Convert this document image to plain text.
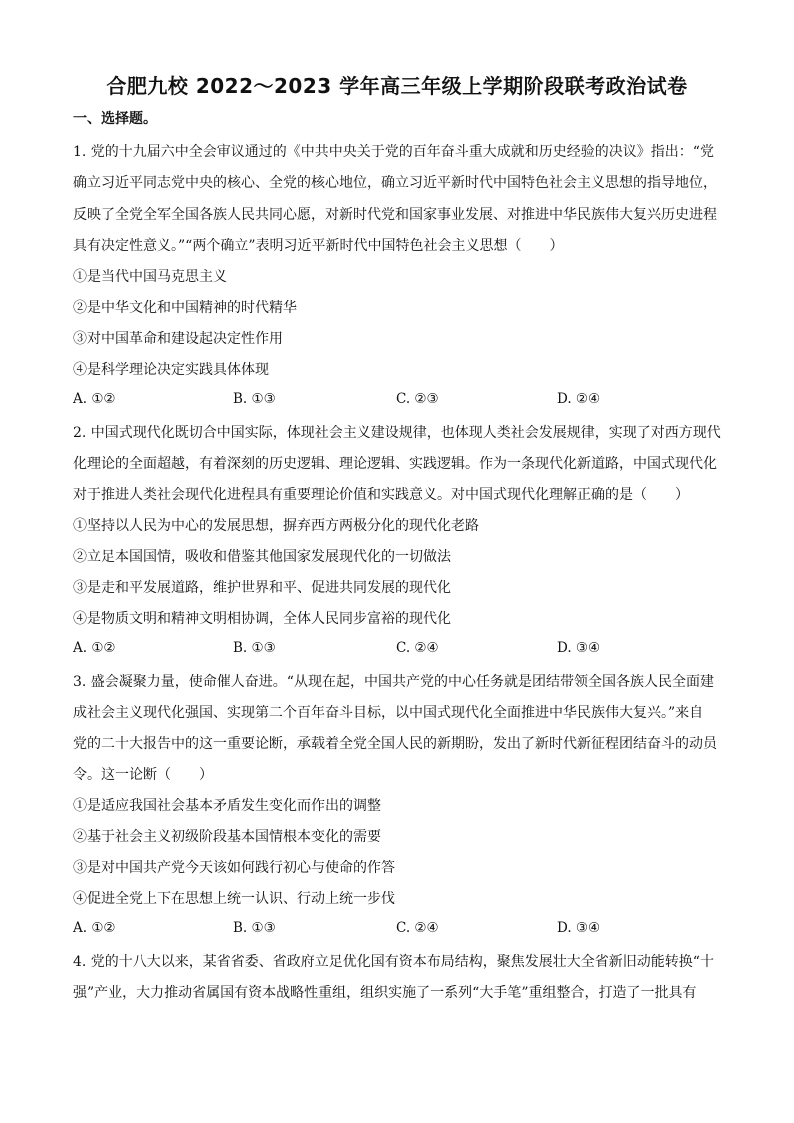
合肥九校 2022～2023 学年高三年级上学期阶段联考政治试卷
一、选择题。
1. 党的十九届六中全会审议通过的《中共中央关于党的百年奋斗重大成就和历史经验的决议》指出：“党
确立习近平同志党中央的核心、全党的核心地位，确立习近平新时代中国特色社会主义思想的指导地位，
反映了全党全军全国各族人民共同心愿，对新时代党和国家事业发展、对推进中华民族伟大复兴历史进程
具有决定性意义。”“两个确立”表明习近平新时代中国特色社会主义思想（　　）
①是当代中国马克思主义
②是中华文化和中国精神的时代精华
③对中国革命和建设起决定性作用
④是科学理论决定实践具体体现
A. ①②	B. ①③	C. ②③	D. ②④
2. 中国式现代化既切合中国实际，体现社会主义建设规律，也体现人类社会发展规律，实现了对西方现代
化理论的全面超越，有着深刻的历史逻辑、理论逻辑、实践逻辑。作为一条现代化新道路，中国式现代化
对于推进人类社会现代化进程具有重要理论价值和实践意义。对中国式现代化理解正确的是（　　）
①坚持以人民为中心的发展思想，摒弃西方两极分化的现代化老路
②立足本国国情，吸收和借鉴其他国家发展现代化的一切做法
③是走和平发展道路，维护世界和平、促进共同发展的现代化
④是物质文明和精神文明相协调，全体人民同步富裕的现代化
A. ①②	B. ①③	C. ②④	D. ③④
3. 盛会凝聚力量，使命催人奋进。“从现在起，中国共产党的中心任务就是团结带领全国各族人民全面建
成社会主义现代化强国、实现第二个百年奋斗目标，以中国式现代化全面推进中华民族伟大复兴。”来自
党的二十大报告中的这一重要论断，承载着全党全国人民的新期盼，发出了新时代新征程团结奋斗的动员
令。这一论断（　　）
①是适应我国社会基本矛盾发生变化而作出的调整
②基于社会主义初级阶段基本国情根本变化的需要
③是对中国共产党今天该如何践行初心与使命的作答
④促进全党上下在思想上统一认识、行动上统一步伐
A. ①②	B. ①③	C. ②④	D. ③④
4. 党的十八大以来，某省省委、省政府立足优化国有资本布局结构，聚焦发展壮大全省新旧动能转换“十
强”产业，大力推动省属国有资本战略性重组，组织实施了一系列“大手笔”重组整合，打造了一批具有
